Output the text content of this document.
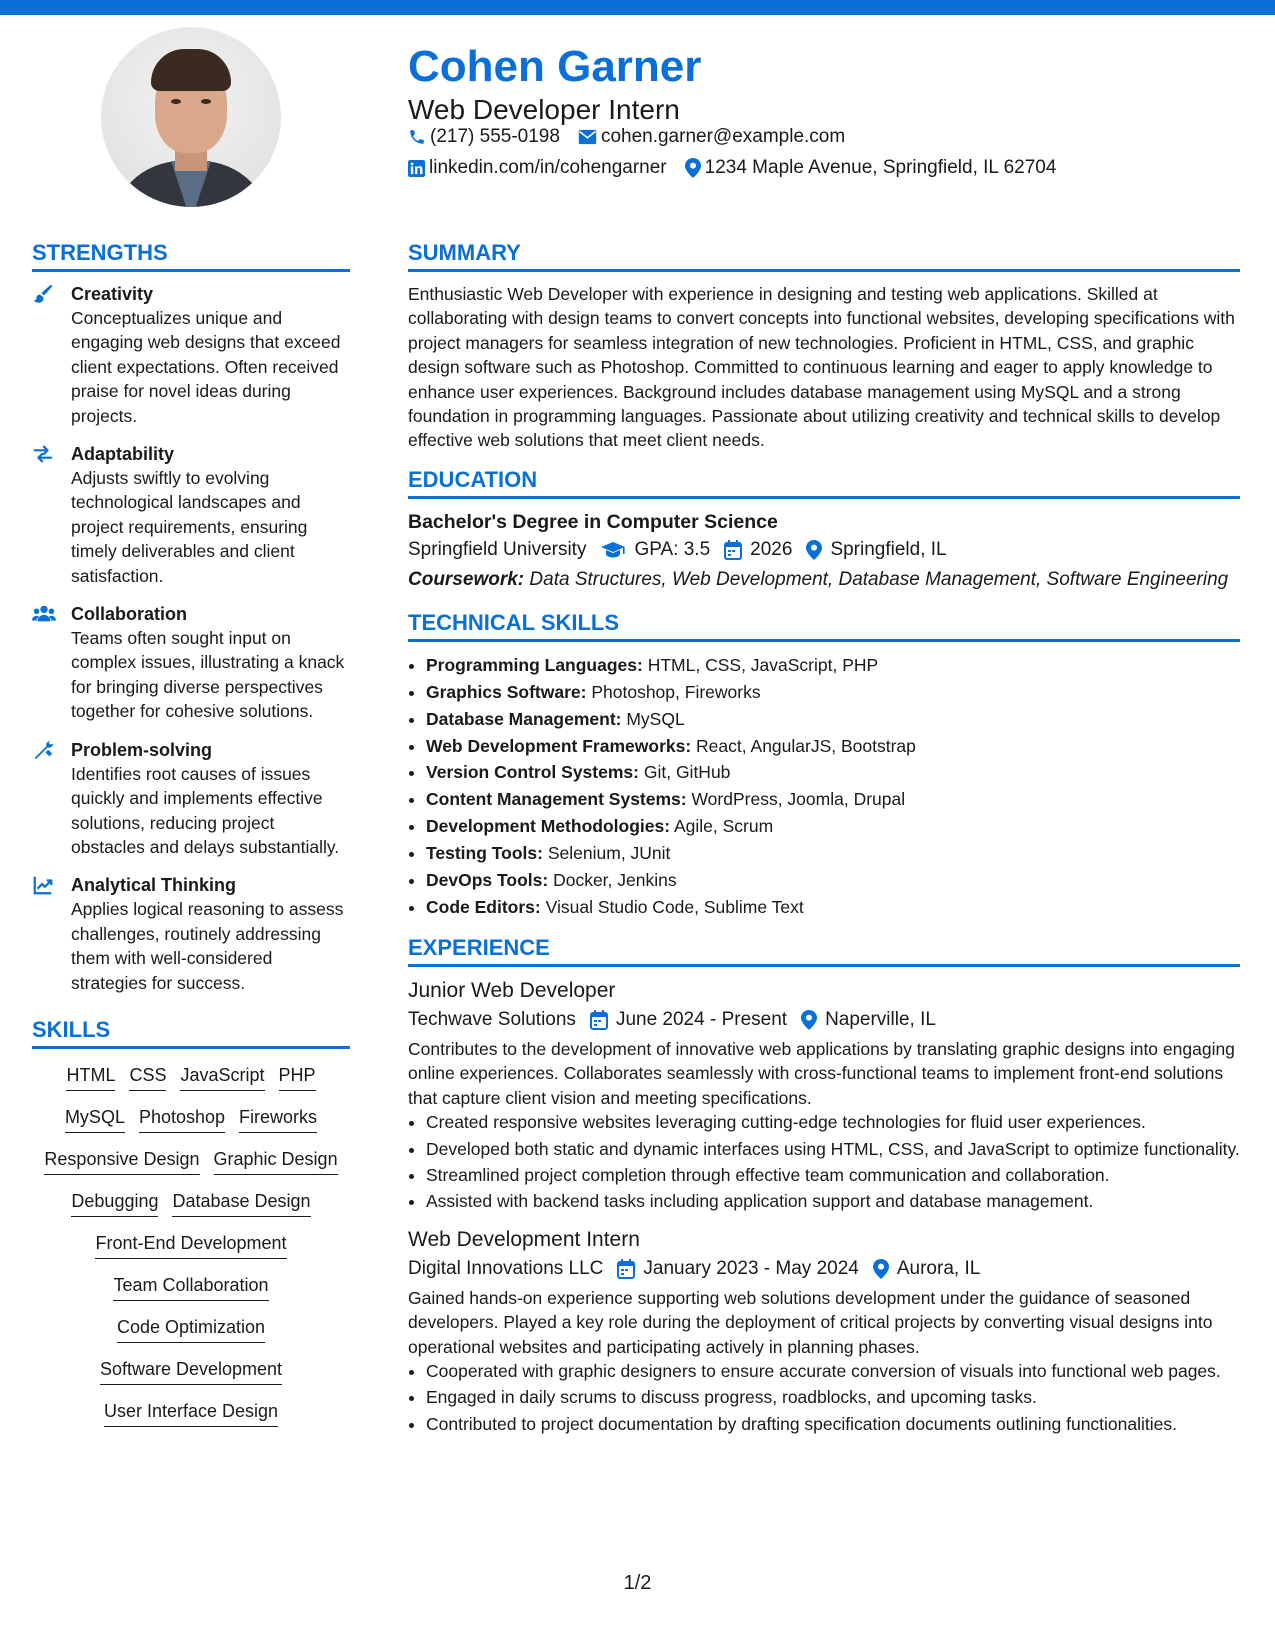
Cohen Garner
Web Developer Intern
(217) 555-0198 cohen.garner@example.com
linkedin.com/in/cohengarner 1234 Maple Avenue, Springfield, IL 62704
STRENGTHS
Creativity
Conceptualizes unique and engaging web designs that exceed client expectations. Often received praise for novel ideas during projects.
Adaptability
Adjusts swiftly to evolving technological landscapes and project requirements, ensuring timely deliverables and client satisfaction.
Collaboration
Teams often sought input on complex issues, illustrating a knack for bringing diverse perspectives together for cohesive solutions.
Problem-solving
Identifies root causes of issues quickly and implements effective solutions, reducing project obstacles and delays substantially.
Analytical Thinking
Applies logical reasoning to assess challenges, routinely addressing them with well-considered strategies for success.
SKILLS
HTML CSS JavaScript PHP
MySQL Photoshop Fireworks
Responsive Design Graphic Design
Debugging Database Design
Front-End Development
Team Collaboration
Code Optimization
Software Development
User Interface Design
SUMMARY
Enthusiastic Web Developer with experience in designing and testing web applications. Skilled at collaborating with design teams to convert concepts into functional websites, developing specifications with project managers for seamless integration of new technologies. Proficient in HTML, CSS, and graphic design software such as Photoshop. Committed to continuous learning and eager to apply knowledge to enhance user experiences. Background includes database management using MySQL and a strong foundation in programming languages. Passionate about utilizing creativity and technical skills to develop effective web solutions that meet client needs.
EDUCATION
Bachelor's Degree in Computer Science
Springfield University	GPA: 3.5 2026 Springfield, IL
Coursework: Data Structures, Web Development, Database Management, Software Engineering
TECHNICAL SKILLS
• Programming Languages: HTML, CSS, JavaScript, PHP
• Graphics Software: Photoshop, Fireworks
• Database Management: MySQL
• Web Development Frameworks: React, AngularJS, Bootstrap
• Version Control Systems: Git, GitHub
• Content Management Systems: WordPress, Joomla, Drupal
• Development Methodologies: Agile, Scrum
• Testing Tools: Selenium, JUnit
• DevOps Tools: Docker, Jenkins
• Code Editors: Visual Studio Code, Sublime Text
EXPERIENCE
Junior Web Developer
Techwave Solutions June 2024 - Present Naperville, IL
Contributes to the development of innovative web applications by translating graphic designs into engaging online experiences. Collaborates seamlessly with cross-functional teams to implement front-end solutions that capture client vision and meeting specifications.
• Created responsive websites leveraging cutting-edge technologies for fluid user experiences.
• Developed both static and dynamic interfaces using HTML, CSS, and JavaScript to optimize functionality.
• Streamlined project completion through effective team communication and collaboration.
• Assisted with backend tasks including application support and database management.
Web Development Intern
Digital Innovations LLC January 2023 - May 2024 Aurora, IL
Gained hands-on experience supporting web solutions development under the guidance of seasoned developers. Played a key role during the deployment of critical projects by converting visual designs into operational websites and participating actively in planning phases.
• Cooperated with graphic designers to ensure accurate conversion of visuals into functional web pages.
• Engaged in daily scrums to discuss progress, roadblocks, and upcoming tasks.
• Contributed to project documentation by drafting specification documents outlining functionalities.
1/2
